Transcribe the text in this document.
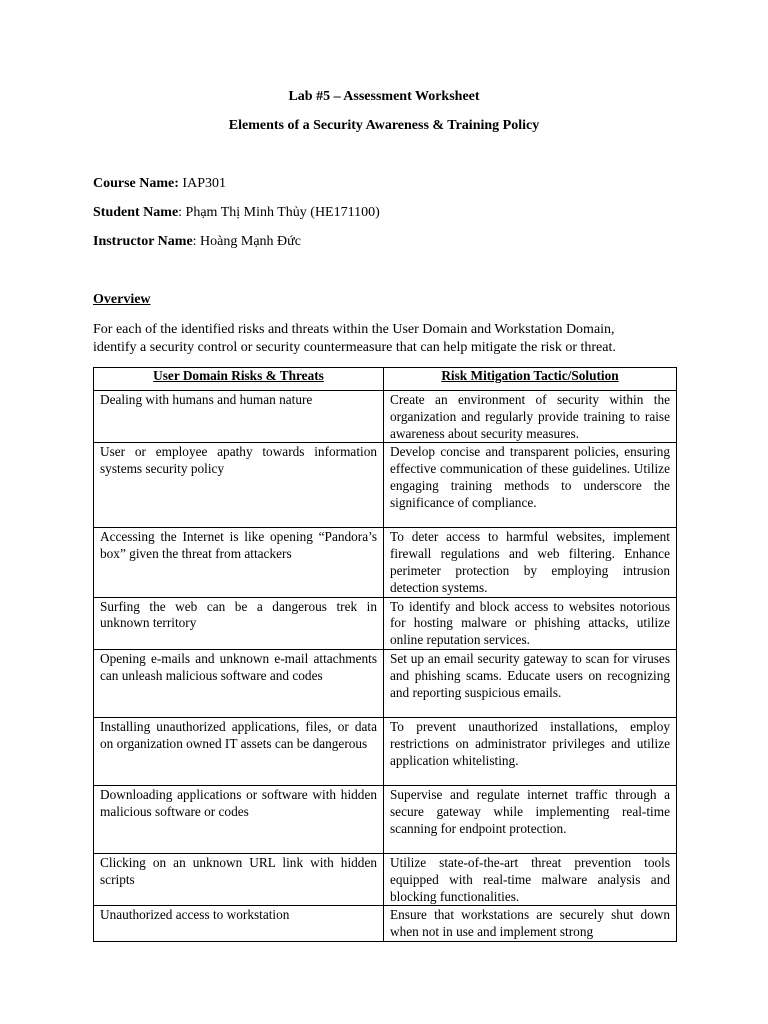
Lab #5 – Assessment Worksheet
Elements of a Security Awareness & Training Policy
Course Name: IAP301
Student Name: Phạm Thị Minh Thủy (HE171100)
Instructor Name: Hoàng Mạnh Đức
Overview
For each of the identified risks and threats within the User Domain and Workstation Domain,
identify a security control or security countermeasure that can help mitigate the risk or threat.
User Domain Risks & Threats	Risk Mitigation Tactic/Solution
Dealing with humans and human nature	Create an environment of security within the organization and regularly provide training to raise awareness about security measures.
User or employee apathy towards information systems security policy	Develop concise and transparent policies, ensuring effective communication of these guidelines. Utilize engaging training methods to underscore the significance of compliance.
Accessing the Internet is like opening “Pandora’s box” given the threat from attackers	To deter access to harmful websites, implement firewall regulations and web filtering. Enhance perimeter protection by employing intrusion detection systems.
Surfing the web can be a dangerous trek in unknown territory	To identify and block access to websites notorious for hosting malware or phishing attacks, utilize online reputation services.
Opening e-mails and unknown e-mail attachments can unleash malicious software and codes	Set up an email security gateway to scan for viruses and phishing scams. Educate users on recognizing and reporting suspicious emails.
Installing unauthorized applications, files, or data on organization owned IT assets can be dangerous	To prevent unauthorized installations, employ restrictions on administrator privileges and utilize application whitelisting.
Downloading applications or software with hidden malicious software or codes	Supervise and regulate internet traffic through a secure gateway while implementing real-time scanning for endpoint protection.
Clicking on an unknown URL link with hidden scripts	Utilize state-of-the-art threat prevention tools equipped with real-time malware analysis and blocking functionalities.
Unauthorized access to workstation	Ensure that workstations are securely shut down when not in use and implement strong
